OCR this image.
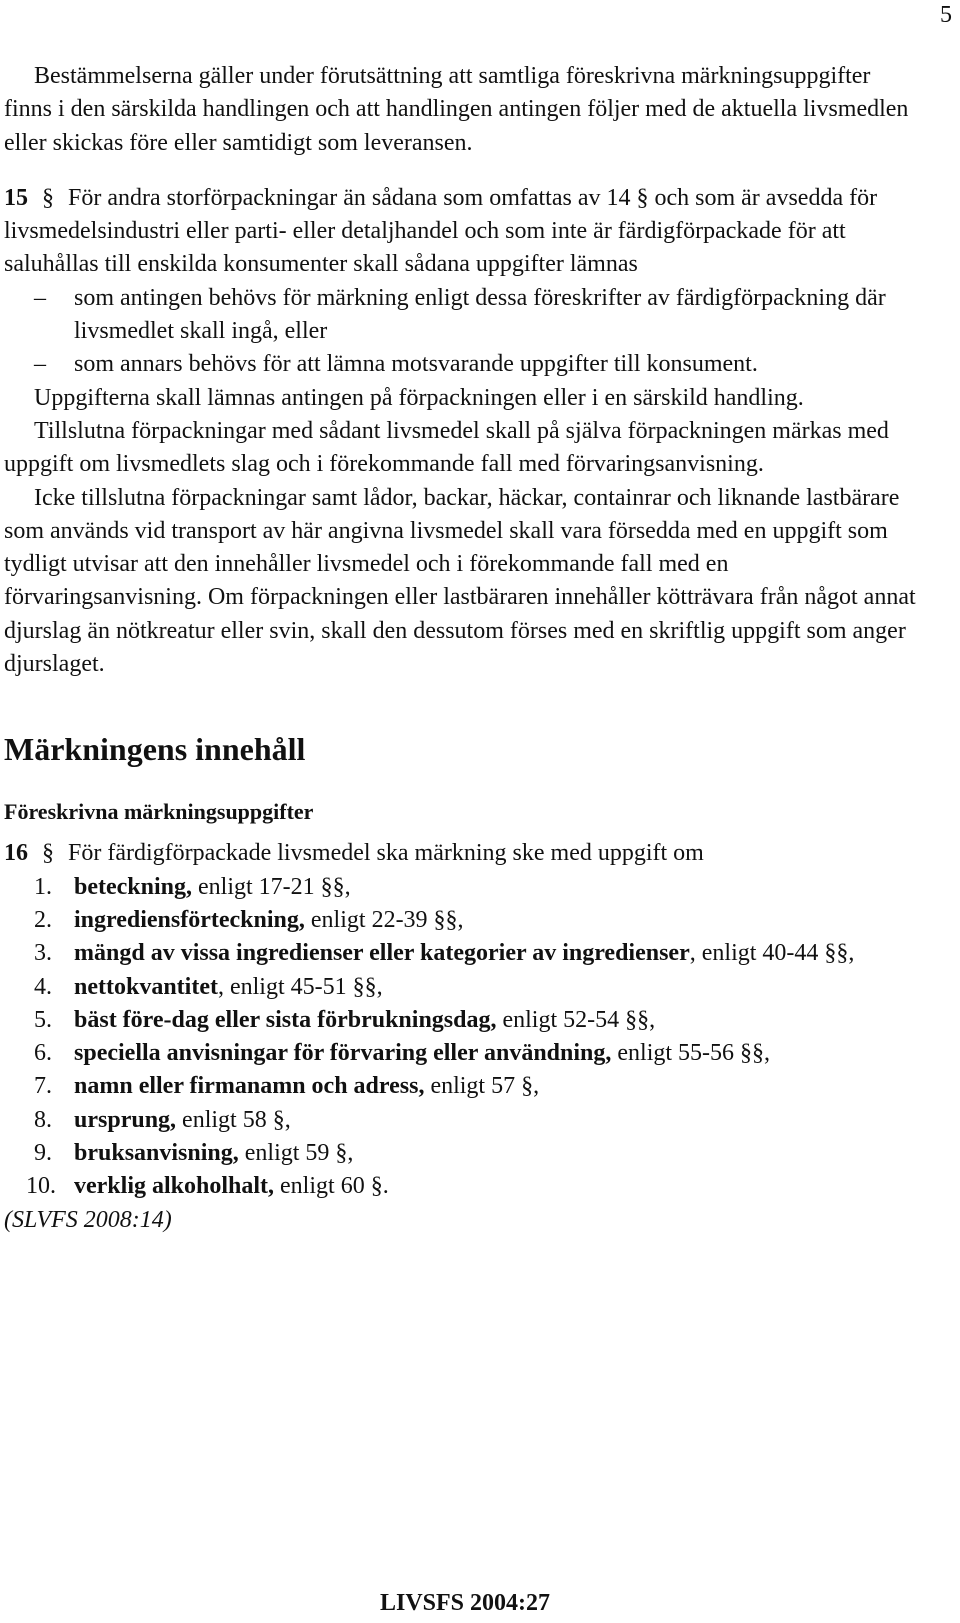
5

Bestämmelserna gäller under förutsättning att samtliga föreskrivna märkningsuppgifter finns i den särskilda handlingen och att handlingen antingen följer med de aktuella livsmedlen eller skickas före eller samtidigt som leveransen.

15 § För andra storförpackningar än sådana som omfattas av 14 § och som är avsedda för livsmedelsindustri eller parti- eller detaljhandel och som inte är färdigförpackade för att saluhållas till enskilda konsumenter skall sådana uppgifter lämnas

– som antingen behövs för märkning enligt dessa föreskrifter av färdigförpackning där livsmedlet skall ingå, eller
– som annars behövs för att lämna motsvarande uppgifter till konsument.

Uppgifterna skall lämnas antingen på förpackningen eller i en särskild handling.

Tillslutna förpackningar med sådant livsmedel skall på själva förpackningen märkas med uppgift om livsmedlets slag och i förekommande fall med förvaringsanvisning.

Icke tillslutna förpackningar samt lådor, backar, häckar, containrar och liknande lastbärare som används vid transport av här angivna livsmedel skall vara försedda med en uppgift som tydligt utvisar att den innehåller livsmedel och i förekommande fall med en förvaringsanvisning. Om förpackningen eller lastbäraren innehåller kötträvara från något annat djurslag än nötkreatur eller svin, skall den dessutom förses med en skriftlig uppgift som anger djurslaget.

Märkningens innehåll
Föreskrivna märkningsuppgifter

16 § För färdigförpackade livsmedel ska märkning ske med uppgift om

1. beteckning, enligt 17-21 §§,
2. ingrediensförteckning, enligt 22-39 §§,
3. mängd av vissa ingredienser eller kategorier av ingredienser, enligt 40-44 §§,
4. nettokvantitet, enligt 45-51 §§,
5. bäst före-dag eller sista förbrukningsdag, enligt 52-54 §§,
6. speciella anvisningar för förvaring eller användning, enligt 55-56 §§,
7. namn eller firmanamn och adress, enligt 57 §,
8. ursprung, enligt 58 §,
9. bruksanvisning, enligt 59 §,
10. verklig alkoholhalt, enligt 60 §.

(SLVFS 2008:14)

LIVSFS 2004:27
